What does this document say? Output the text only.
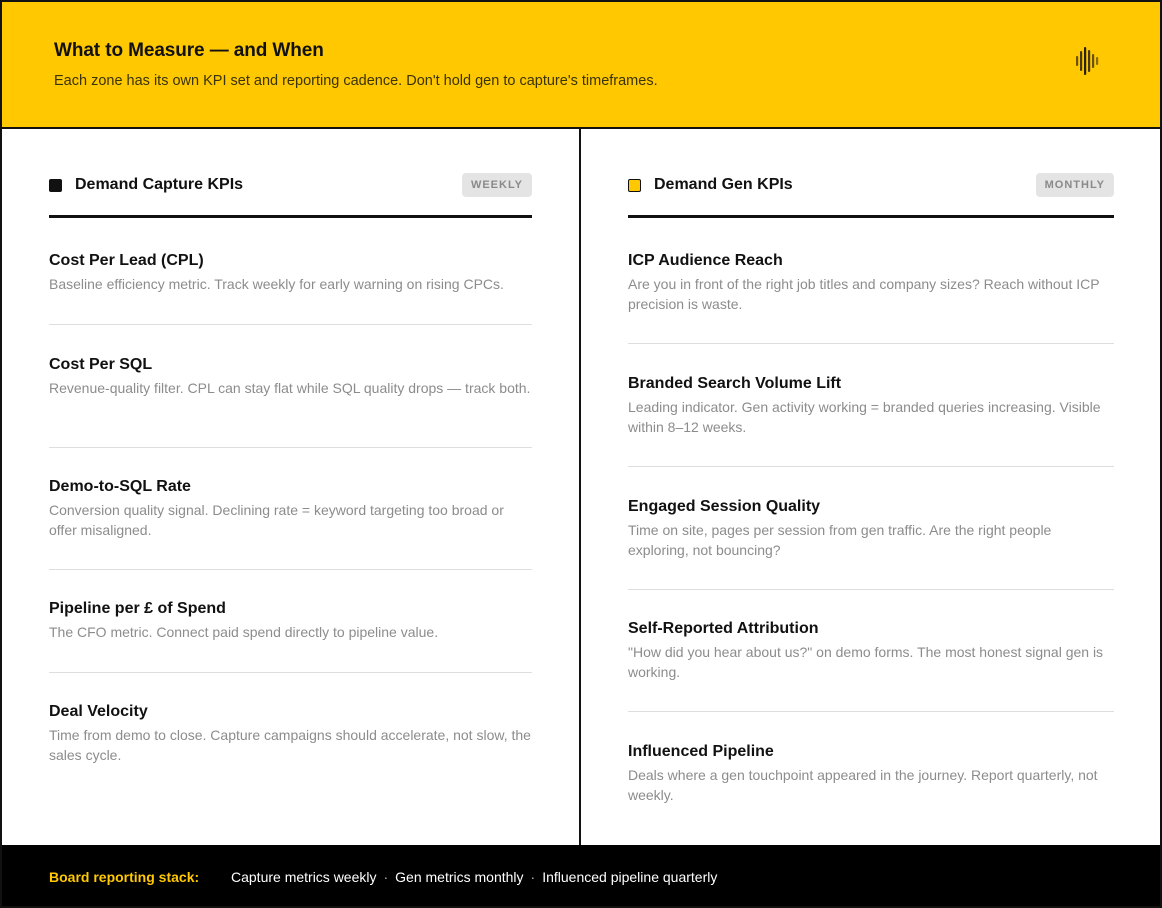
What to Measure — and When
Each zone has its own KPI set and reporting cadence. Don't hold gen to capture's timeframes.
Demand Capture KPIs	WEEKLY
Cost Per Lead (CPL)
Baseline efficiency metric. Track weekly for early warning on rising CPCs.
Cost Per SQL
Revenue-quality filter. CPL can stay flat while SQL quality drops — track both.
Demo-to-SQL Rate
Conversion quality signal. Declining rate = keyword targeting too broad or offer misaligned.
Pipeline per £ of Spend
The CFO metric. Connect paid spend directly to pipeline value.
Deal Velocity
Time from demo to close. Capture campaigns should accelerate, not slow, the sales cycle.
Demand Gen KPIs	MONTHLY
ICP Audience Reach
Are you in front of the right job titles and company sizes? Reach without ICP precision is waste.
Branded Search Volume Lift
Leading indicator. Gen activity working = branded queries increasing. Visible within 8–12 weeks.
Engaged Session Quality
Time on site, pages per session from gen traffic. Are the right people exploring, not bouncing?
Self-Reported Attribution
"How did you hear about us?" on demo forms. The most honest signal gen is working.
Influenced Pipeline
Deals where a gen touchpoint appeared in the journey. Report quarterly, not weekly.
Board reporting stack: Capture metrics weekly · Gen metrics monthly · Influenced pipeline quarterly
